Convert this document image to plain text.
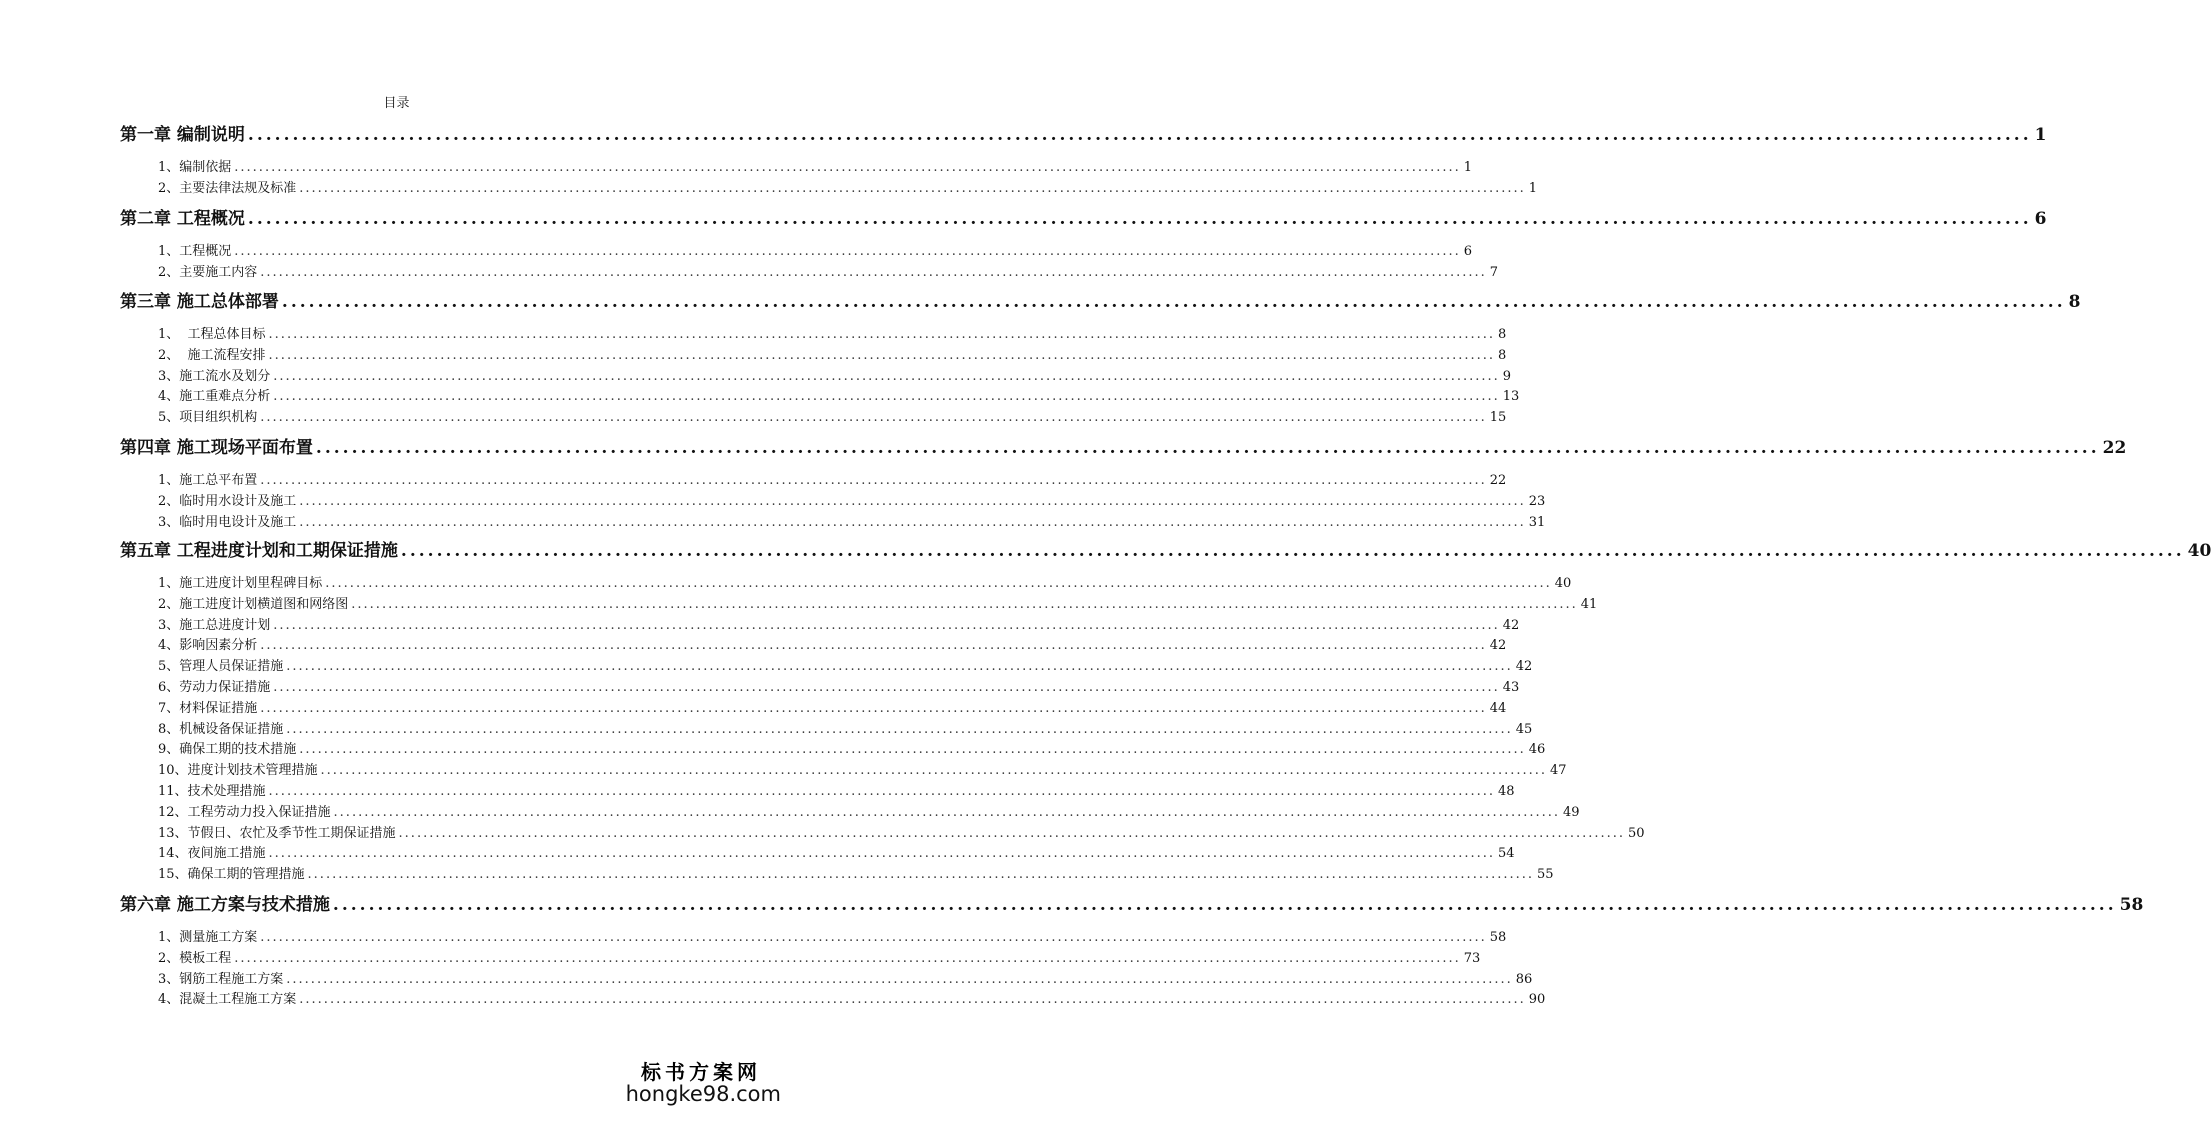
目录
第一章 编制说明 ........................................................................................................................................................................................................ 1
1、编制依据 ........................................................................................................................................................................................................ 1
2、主要法律法规及标准 ........................................................................................................................................................................................................ 1
第二章 工程概况 ........................................................................................................................................................................................................ 6
1、工程概况 ........................................................................................................................................................................................................ 6
2、主要施工内容 ........................................................................................................................................................................................................ 7
第三章 施工总体部署 ........................................................................................................................................................................................................ 8
1、  工程总体目标 ........................................................................................................................................................................................................ 8
2、  施工流程安排 ........................................................................................................................................................................................................ 8
3、施工流水及划分 ........................................................................................................................................................................................................ 9
4、施工重难点分析 ........................................................................................................................................................................................................ 13
5、项目组织机构 ........................................................................................................................................................................................................ 15
第四章 施工现场平面布置 ........................................................................................................................................................................................................ 22
1、施工总平布置 ........................................................................................................................................................................................................ 22
2、临时用水设计及施工 ........................................................................................................................................................................................................ 23
3、临时用电设计及施工 ........................................................................................................................................................................................................ 31
第五章 工程进度计划和工期保证措施 ........................................................................................................................................................................................................ 40
1、施工进度计划里程碑目标 ........................................................................................................................................................................................................ 40
2、施工进度计划横道图和网络图 ........................................................................................................................................................................................................ 41
3、施工总进度计划 ........................................................................................................................................................................................................ 42
4、影响因素分析 ........................................................................................................................................................................................................ 42
5、管理人员保证措施 ........................................................................................................................................................................................................ 42
6、劳动力保证措施 ........................................................................................................................................................................................................ 43
7、材料保证措施 ........................................................................................................................................................................................................ 44
8、机械设备保证措施 ........................................................................................................................................................................................................ 45
9、确保工期的技术措施 ........................................................................................................................................................................................................ 46
10、进度计划技术管理措施 ........................................................................................................................................................................................................ 47
11、技术处理措施 ........................................................................................................................................................................................................ 48
12、工程劳动力投入保证措施 ........................................................................................................................................................................................................ 49
13、节假日、农忙及季节性工期保证措施 ........................................................................................................................................................................................................ 50
14、夜间施工措施 ........................................................................................................................................................................................................ 54
15、确保工期的管理措施 ........................................................................................................................................................................................................ 55
第六章 施工方案与技术措施 ........................................................................................................................................................................................................ 58
1、测量施工方案 ........................................................................................................................................................................................................ 58
2、模板工程 ........................................................................................................................................................................................................ 73
3、钢筋工程施工方案 ........................................................................................................................................................................................................ 86
4、混凝土工程施工方案 ........................................................................................................................................................................................................ 90
标书方案网
hongke98.com
